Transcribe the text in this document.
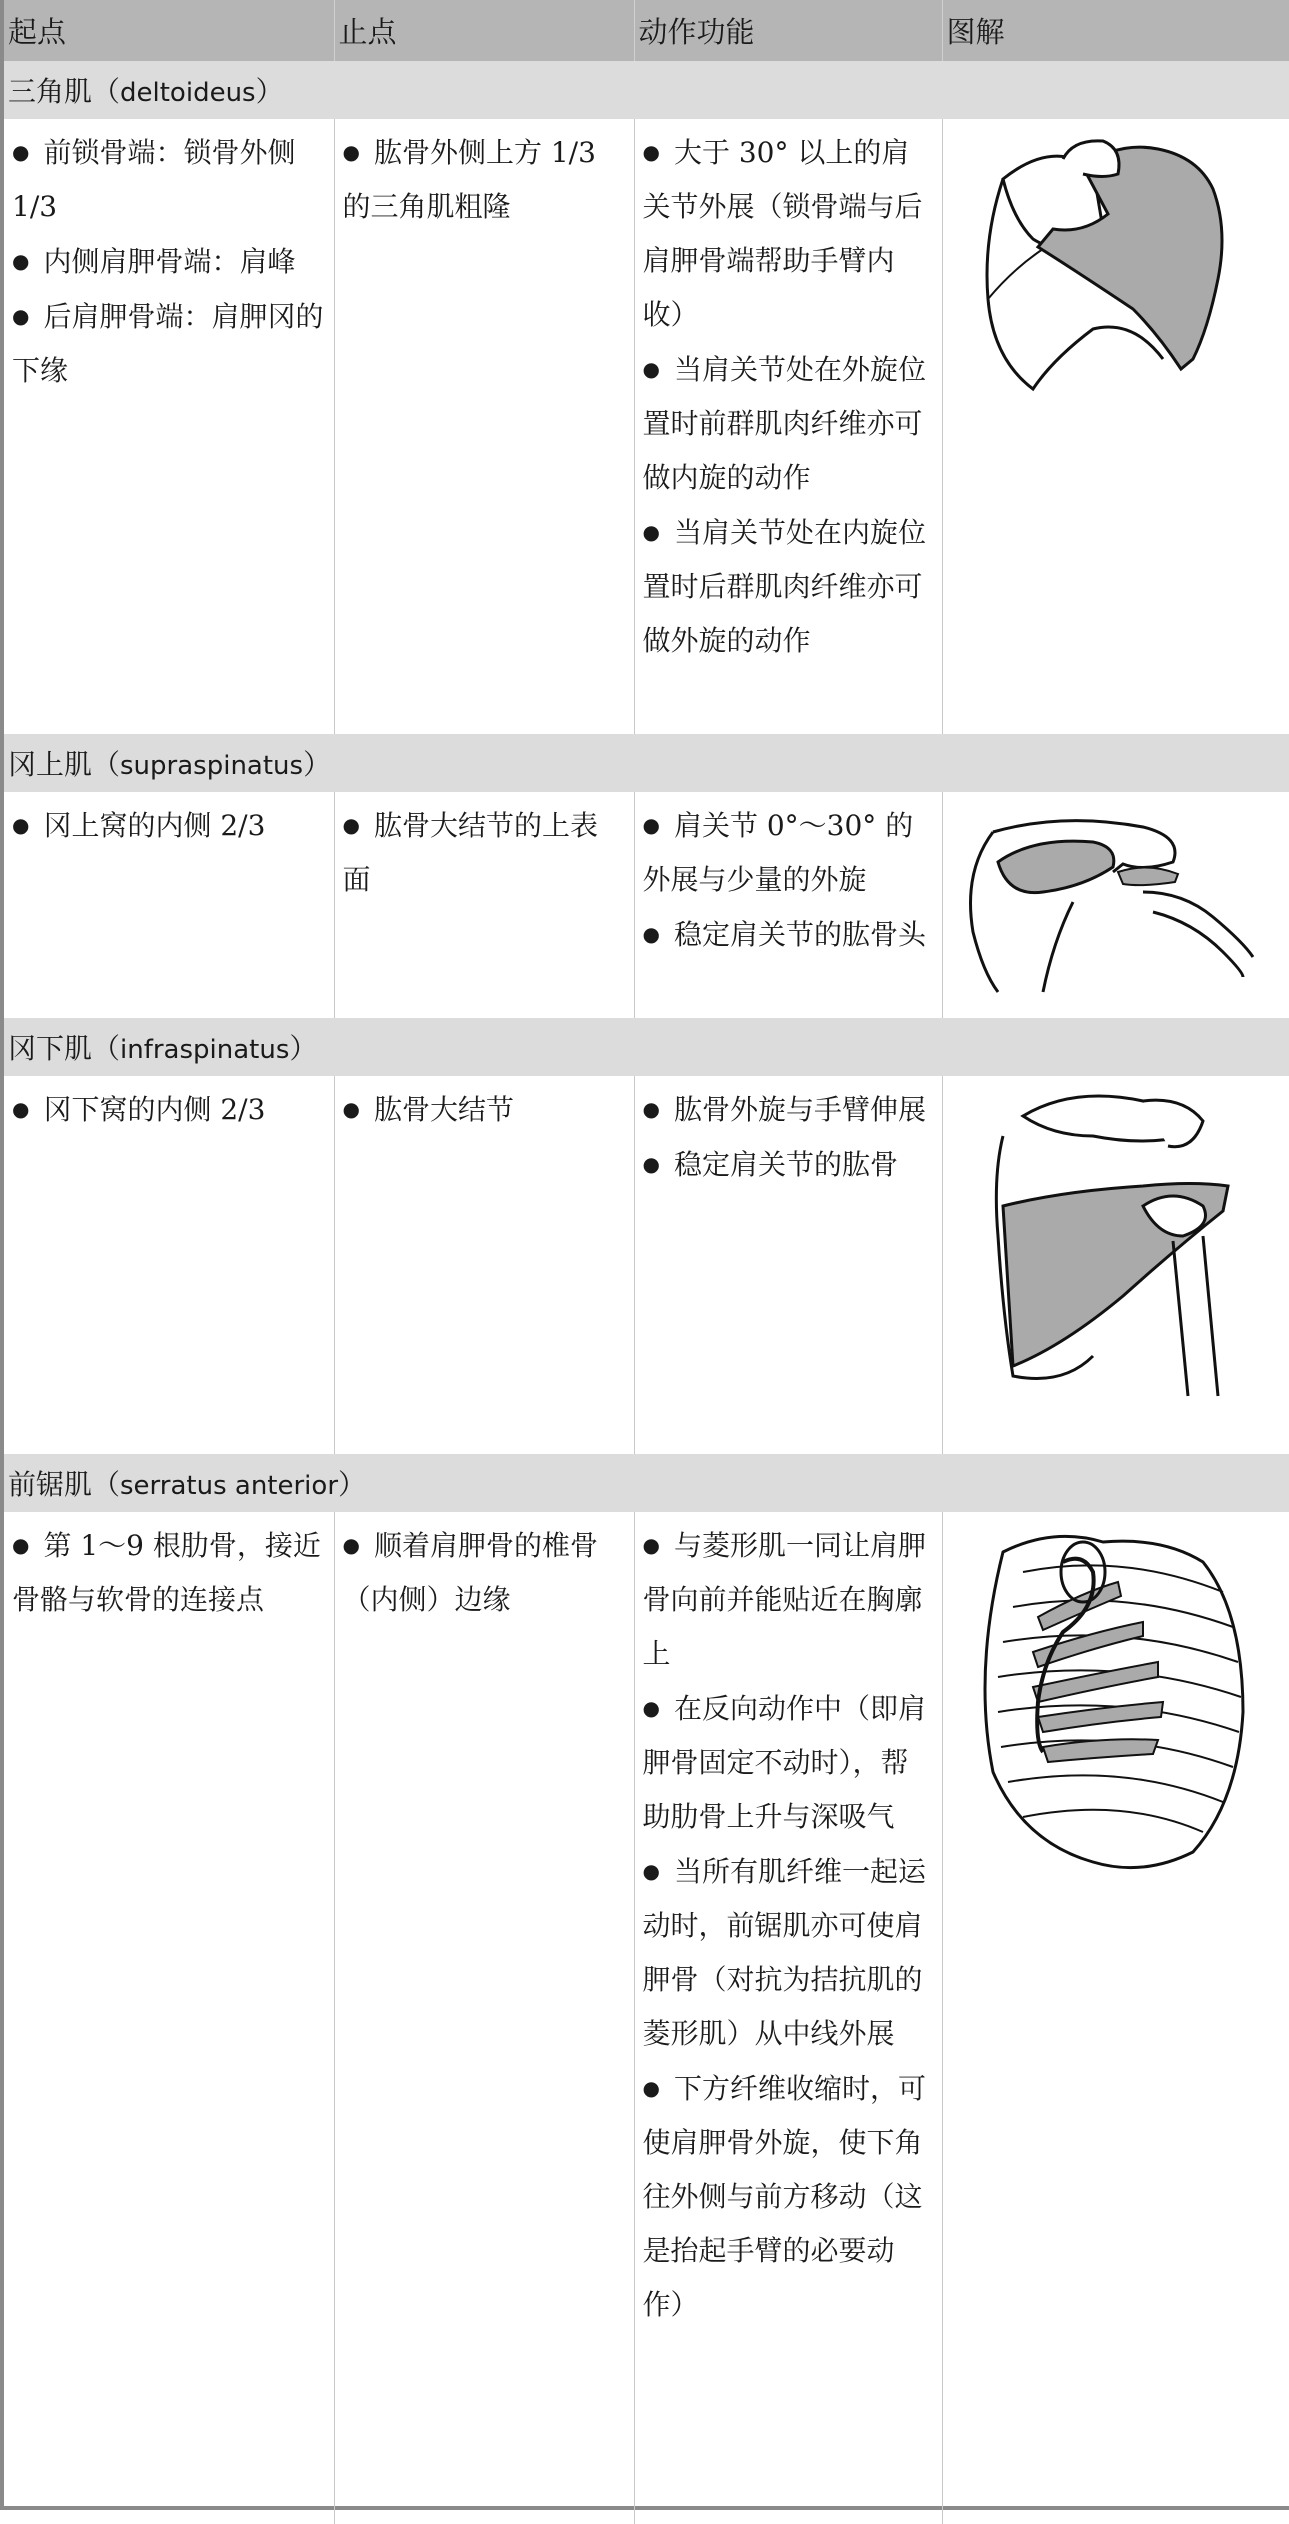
起点	止点	动作功能	图解
三角肌（deltoideus）			

● 前锁骨端：锁骨外侧 1/3
● 内侧肩胛骨端：肩峰
● 后肩胛骨端：肩胛冈的下缘	● 肱骨外侧上方 1/3 的三角肌粗隆	● 大于 30° 以上的肩关节外展（锁骨端与后肩胛骨端帮助手臂内收）
● 当肩关节处在外旋位置时前群肌肉纤维亦可做内旋的动作
● 当肩关节处在内旋位置时后群肌肉纤维亦可做外旋的动作

冈上肌（supraspinatus）			

● 冈上窝的内侧 2/3	● 肱骨大结节的上表面	● 肩关节 0°～30° 的外展与少量的外旋
● 稳定肩关节的肱骨头

冈下肌（infraspinatus）			

● 冈下窝的内侧 2/3	● 肱骨大结节	● 肱骨外旋与手臂伸展
● 稳定肩关节的肱骨

前锯肌（serratus anterior）			

● 第 1～9 根肋骨，接近骨骼与软骨的连接点	● 顺着肩胛骨的椎骨（内侧）边缘	● 与菱形肌一同让肩胛骨向前并能贴近在胸廓上
● 在反向动作中（即肩胛骨固定不动时），帮助肋骨上升与深吸气
● 当所有肌纤维一起运动时，前锯肌亦可使肩胛骨（对抗为拮抗肌的菱形肌）从中线外展
● 下方纤维收缩时，可使肩胛骨外旋，使下角往外侧与前方移动（这是抬起手臂的必要动作）
